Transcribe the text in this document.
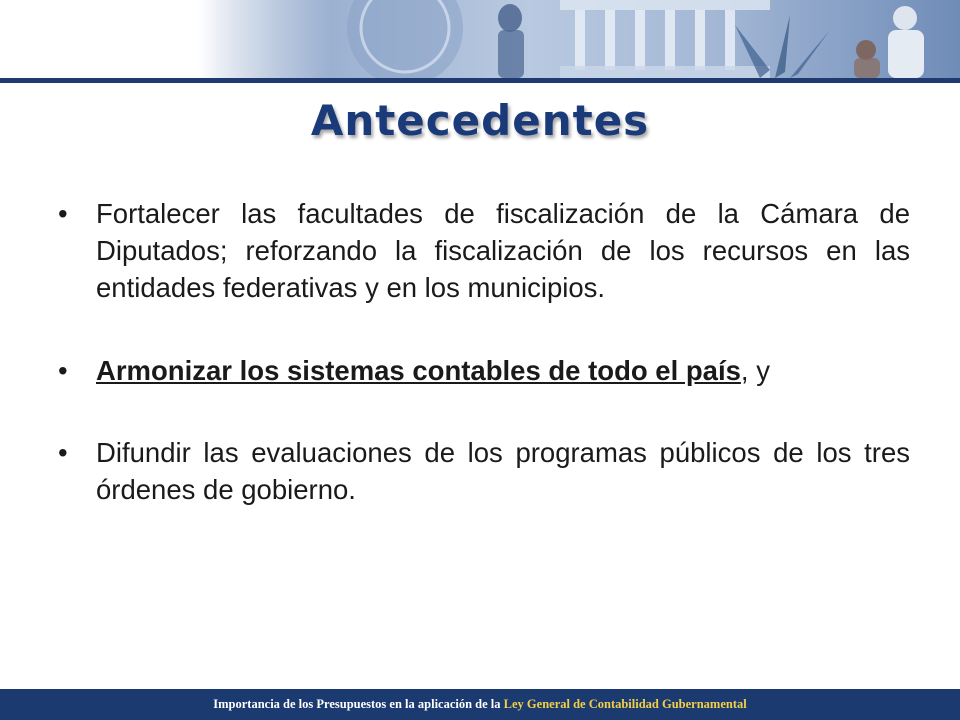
Antecedentes
• Fortalecer las facultades de fiscalización de la Cámara de Diputados; reforzando la fiscalización de los recursos en las entidades federativas y en los municipios.
• Armonizar los sistemas contables de todo el país, y
• Difundir las evaluaciones de los programas públicos de los tres órdenes de gobierno.
Importancia de los Presupuestos en la aplicación de la Ley General de Contabilidad Gubernamental
